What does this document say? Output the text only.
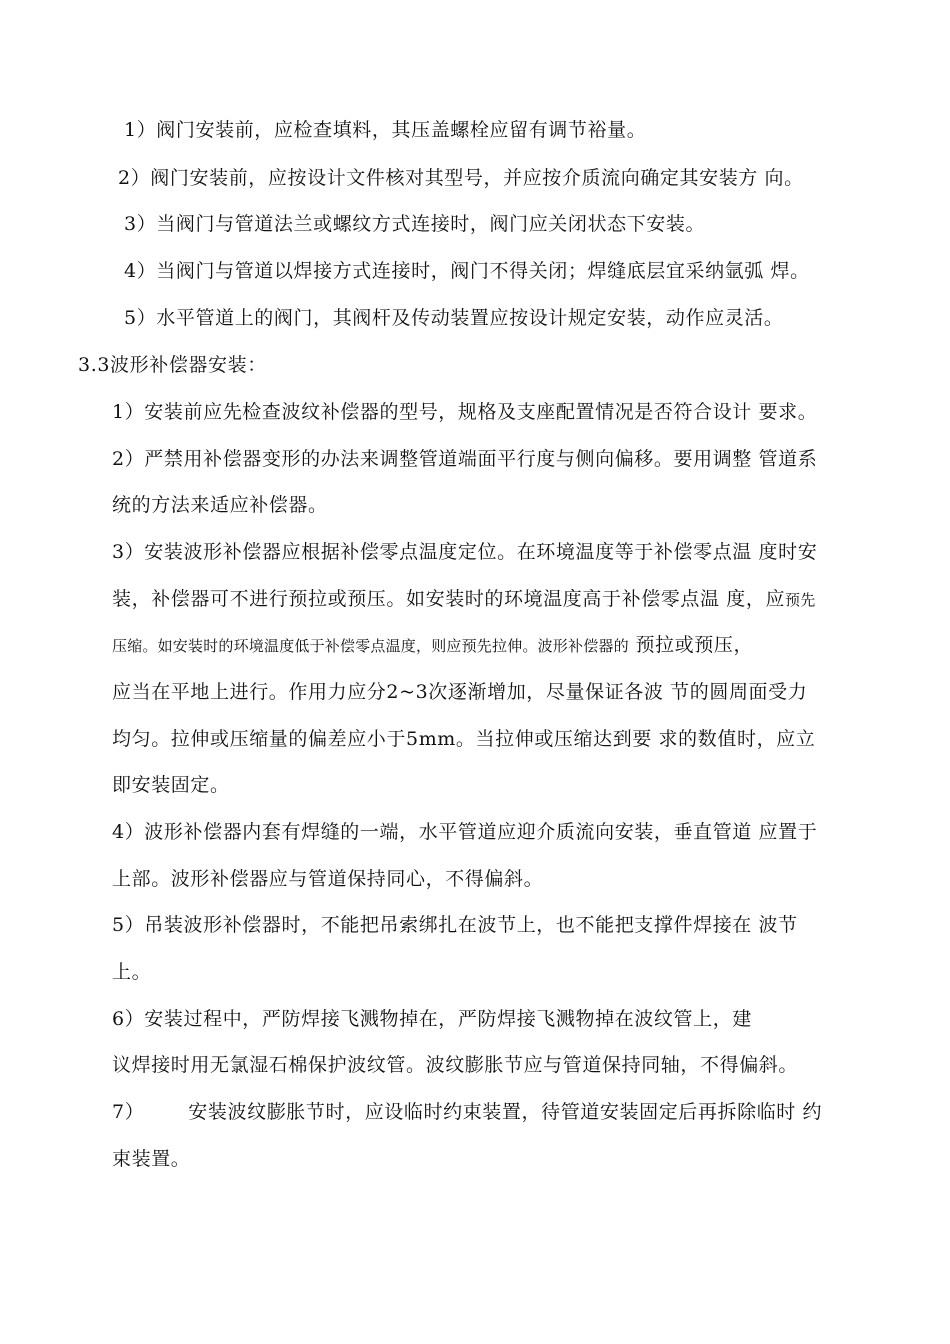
1）阀门安装前，应检查填料，其压盖螺栓应留有调节裕量。
2）阀门安装前，应按设计文件核对其型号，并应按介质流向确定其安装方 向。
3）当阀门与管道法兰或螺纹方式连接时，阀门应关闭状态下安装。
4）当阀门与管道以焊接方式连接时，阀门不得关闭；焊缝底层宜采纳氩弧 焊。
5）水平管道上的阀门，其阀杆及传动装置应按设计规定安装，动作应灵活。
3.3波形补偿器安装：
1）安装前应先检查波纹补偿器的型号，规格及支座配置情况是否符合设计 要求。
2）严禁用补偿器变形的办法来调整管道端面平行度与侧向偏移。要用调整 管道系
统的方法来适应补偿器。
3）安装波形补偿器应根据补偿零点温度定位。在环境温度等于补偿零点温 度时安
装，补偿器可不进行预拉或预压。如安装时的环境温度高于补偿零点温 度，应预先
压缩。如安装时的环境温度低于补偿零点温度，则应预先拉伸。波形补偿器的 预拉或预压，
应当在平地上进行。作用力应分2~3次逐渐增加，尽量保证各波 节的圆周面受力
均匀。拉伸或压缩量的偏差应小于5mm。当拉伸或压缩达到要 求的数值时，应立
即安装固定。
4）波形补偿器内套有焊缝的一端，水平管道应迎介质流向安装，垂直管道 应置于
上部。波形补偿器应与管道保持同心，不得偏斜。
5）吊装波形补偿器时，不能把吊索绑扎在波节上，也不能把支撑件焊接在 波节
上。
6）安装过程中，严防焊接飞溅物掉在，严防焊接飞溅物掉在波纹管上，建
议焊接时用无氯湿石棉保护波纹管。波纹膨胀节应与管道保持同轴，不得偏斜。
7） 安装波纹膨胀节时，应设临时约束装置，待管道安装固定后再拆除临时 约
束装置。
